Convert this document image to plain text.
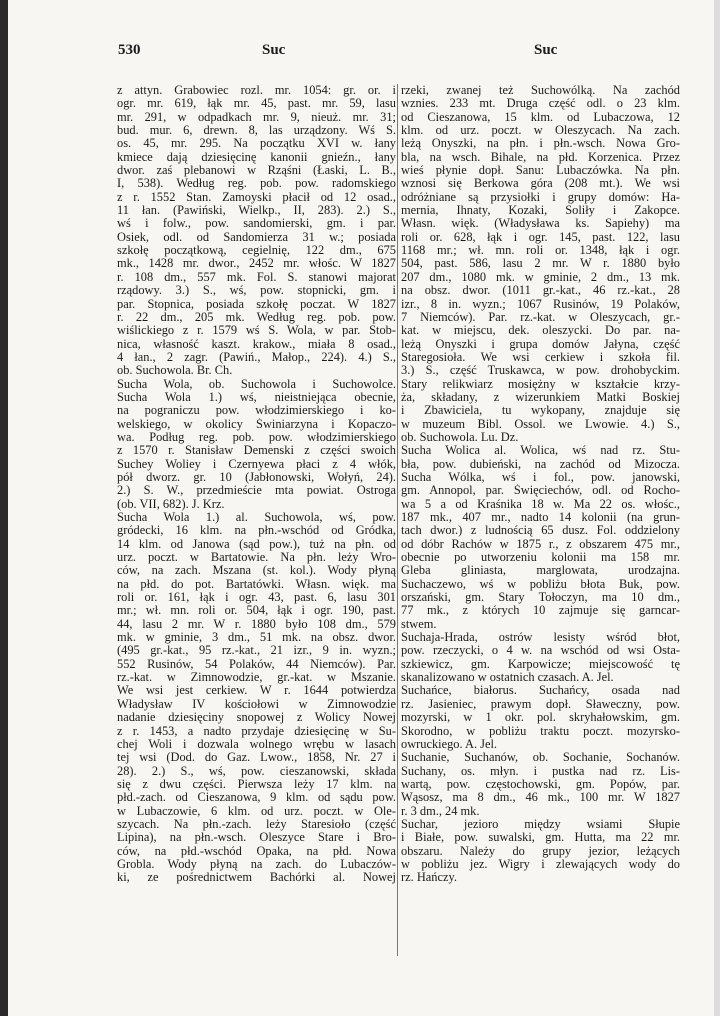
530	Suc	Suc
z attyn. Grabowiec rozl. mr. 1054: gr. or. i
ogr. mr. 619, łąk mr. 45, past. mr. 59, lasu
mr. 291, w odpadkach mr. 9, nieuż. mr. 31;
bud. mur. 6, drewn. 8, las urządzony. Wś S.
os. 45, mr. 295. Na początku XVI w. łany
kmiece dają dziesięcinę kanonii gnieźn., łany
dwor. zaś plebanowi w Rząśni (Łaski, L. B.,
I, 538). Według reg. pob. pow. radomskiego
z r. 1552 Stan. Zamoyski płacił od 12 osad.,
11 łan. (Pawiński, Wielkp., II, 283). 2.) S.,
wś i folw., pow. sandomierski, gm. i par.
Osiek, odl. od Sandomierza 31 w.; posiada
szkołę początkową, cegielnię, 122 dm., 675
mk., 1428 mr. dwor., 2452 mr. włośc. W 1827
r. 108 dm., 557 mk. Fol. S. stanowi majorat
rządowy. 3.) S., wś, pow. stopnicki, gm. i
par. Stopnica, posiada szkołę poczat. W 1827
r. 22 dm., 205 mk. Według reg. pob. pow.
wiślickiego z r. 1579 wś S. Wola, w par. Stob-
nica, własność kaszt. krakow., miała 8 osad.,
4 łan., 2 zagr. (Pawiń., Małop., 224). 4.) S.,
ob. Suchowola. Br. Ch.
Sucha Wola, ob. Suchowola i Suchowolce.
Sucha Wola 1.) wś, nieistniejąca obecnie,
na pograniczu pow. włodzimierskiego i ko-
welskiego, w okolicy Świniarzyna i Kopaczo-
wa. Podług reg. pob. pow. włodzimierskiego
z 1570 r. Stanisław Demenski z części swoich
Suchey Woliey i Czernyewa płaci z 4 włók,
pół dworz. gr. 10 (Jabłonowski, Wołyń, 24).
2.) S. W., przedmieście mta powiat. Ostroga
(ob. VII, 682). J. Krz.
Sucha Wola 1.) al. Suchowola, wś, pow.
gródecki, 16 klm. na płn.-wschód od Gródka,
14 klm. od Janowa (sąd pow.), tuż na płn. od
urz. poczt. w Bartatowie. Na płn. leży Wro-
ców, na zach. Mszana (st. kol.). Wody płyną
na płd. do pot. Bartatówki. Własn. więk. ma
roli or. 161, łąk i ogr. 43, past. 6, lasu 301
mr.; wł. mn. roli or. 504, łąk i ogr. 190, past.
44, lasu 2 mr. W r. 1880 było 108 dm., 579
mk. w gminie, 3 dm., 51 mk. na obsz. dwor.
(495 gr.-kat., 95 rz.-kat., 21 izr., 9 in. wyzn.;
552 Rusinów, 54 Polaków, 44 Niemców). Par.
rz.-kat. w Zimnowodzie, gr.-kat. w Mszanie.
We wsi jest cerkiew. W r. 1644 potwierdza
Władysław IV kościołowi w Zimnowodzie
nadanie dziesięciny snopowej z Wolicy Nowej
z r. 1453, a nadto przydaje dziesięcinę w Su-
chej Woli i dozwala wolnego wrębu w lasach
tej wsi (Dod. do Gaz. Lwow., 1858, Nr. 27 i
28). 2.) S., wś, pow. cieszanowski, składa
się z dwu części. Pierwsza leży 17 klm. na
płd.-zach. od Cieszanowa, 9 klm. od sądu pow.
w Lubaczowie, 6 klm. od urz. poczt. w Ole-
szycach. Na płn.-zach. leży Staresioło (część
Lipina), na płn.-wsch. Oleszyce Stare i Bro-
ców, na płd.-wschód Opaka, na płd. Nowa
Grobla. Wody płyną na zach. do Lubaczów-
ki, ze pośrednictwem Bachórki al. Nowej
rzeki, zwanej też Suchowólką. Na zachód
wznies. 233 mt. Druga część odl. o 23 klm.
od Cieszanowa, 15 klm. od Lubaczowa, 12
klm. od urz. poczt. w Oleszycach. Na zach.
leżą Onyszki, na płn. i płn.-wsch. Nowa Gro-
bla, na wsch. Bihale, na płd. Korzenica. Przez
wieś płynie dopł. Sanu: Lubaczówka. Na płn.
wznosi się Berkowa góra (208 mt.). We wsi
odróżniane są przysiołki i grupy domów: Ha-
mernia, Ihnaty, Kozaki, Soliły i Zakopce.
Własn. więk. (Władysława ks. Sapiehy) ma
roli or. 628, łąk i ogr. 145, past. 122, lasu
1168 mr.; wł. mn. roli or. 1348, łąk i ogr.
504, past. 586, lasu 2 mr. W r. 1880 było
207 dm., 1080 mk. w gminie, 2 dm., 13 mk.
na obsz. dwor. (1011 gr.-kat., 46 rz.-kat., 28
izr., 8 in. wyzn.; 1067 Rusinów, 19 Polaków,
7 Niemców). Par. rz.-kat. w Oleszycach, gr.-
kat. w miejscu, dek. oleszycki. Do par. na-
leżą Onyszki i grupa domów Jałyna, część
Staregosioła. We wsi cerkiew i szkoła fil.
3.) S., część Truskawca, w pow. drohobyckim.
Stary relikwiarz mosiężny w kształcie krzy-
ża, składany, z wizerunkiem Matki Boskiej
i Zbawiciela, tu wykopany, znajduje się
w muzeum Bibl. Ossol. we Lwowie. 4.) S.,
ob. Suchowola. Lu. Dz.
Sucha Wolica al. Wolica, wś nad rz. Stu-
bła, pow. dubieński, na zachód od Mizocza.
Sucha Wólka, wś i fol., pow. janowski,
gm. Annopol, par. Święciechów, odl. od Rocho-
wa 5 a od Kraśnika 18 w. Ma 22 os. włośc.,
187 mk., 407 mr., nadto 14 kolonii (na grun-
tach dwor.) z ludnością 65 dusz. Fol. oddzielony
od dóbr Rachów w 1875 r., z obszarem 475 mr.,
obecnie po utworzeniu kolonii ma 158 mr.
Gleba gliniasta, marglowata, urodzajna.
Suchaczewo, wś w pobliżu błota Buk, pow.
orszański, gm. Stary Tołoczyn, ma 10 dm.,
77 mk., z których 10 zajmuje się garncar-
stwem.
Suchaja-Hrada, ostrów lesisty wśród błot,
pow. rzeczycki, o 4 w. na wschód od wsi Osta-
szkiewicz, gm. Karpowicze; miejscowość tę
skanalizowano w ostatnich czasach. A. Jel.
Suchańce, białorus. Suchańcy, osada nad
rz. Jasieniec, prawym dopł. Sławeczny, pow.
mozyrski, w 1 okr. pol. skryhałowskim, gm.
Skorodno, w pobliżu traktu poczt. mozyrsko-
owruckiego. A. Jel.
Suchanie, Suchanów, ob. Sochanie, Sochanów.
Suchany, os. młyn. i pustka nad rz. Lis-
wartą, pow. częstochowski, gm. Popów, par.
Wąsosz, ma 8 dm., 46 mk., 100 mr. W 1827
r. 3 dm., 24 mk.
Suchar, jezioro między wsiami Słupie
i Białe, pow. suwalski, gm. Hutta, ma 22 mr.
obszaru. Należy do grupy jezior, leżących
w pobliżu jez. Wigry i zlewających wody do
rz. Hańczy.
